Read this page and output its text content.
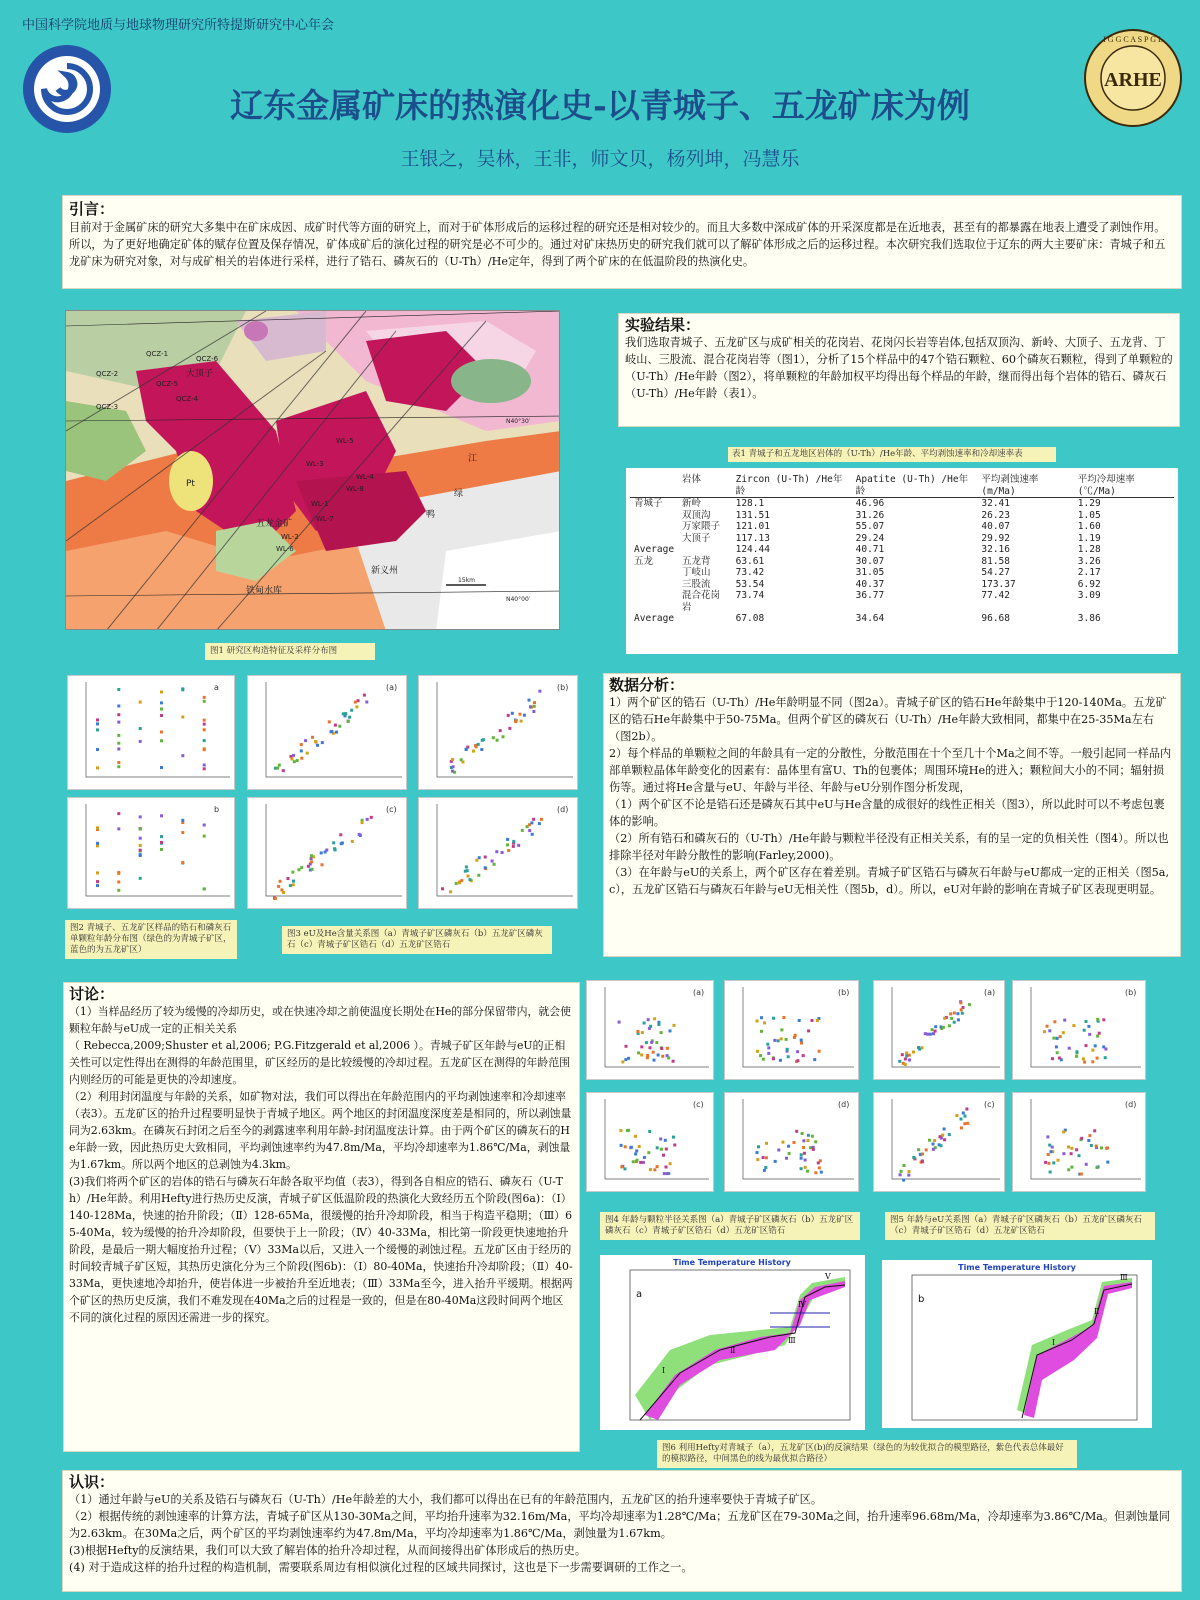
中国科学院地质与地球物理研究所特提斯研究中心年会
ARHE
I G G C A S P G L
辽东金属矿床的热演化史-以青城子、五龙矿床为例
王银之，吴林，王非，师文贝，杨列坤，冯慧乐
引言：
目前对于金属矿床的研究大多集中在矿床成因、成矿时代等方面的研究上，而对于矿体形成后的运移过程的研究还是相对较少的。而且大多数中深成矿体的开采深度都是在近地表，甚至有的都暴露在地表上遭受了剥蚀作用。所以，为了更好地确定矿体的赋存位置及保存情况，矿体成矿后的演化过程的研究是必不可少的。通过对矿床热历史的研究我们就可以了解矿体形成之后的运移过程。本次研究我们选取位于辽东的两大主要矿床：青城子和五龙矿床为研究对象，对与成矿相关的岩体进行采样，进行了锆石、磷灰石的（U-Th）/He定年，得到了两个矿床的在低温阶段的热演化史。
QCZ-1
QCZ-6
QCZ-2
QCZ-5
QCZ-4
QCZ-3
WL-5
WL-3
WL-4
WL-8
WL-1
WL-7
WL-2
WL-6
大顶子
五龙金矿
新义州
铁甸水库
江
绿
鸭
Pt
N40°30′
N40°00′
15km
图1 研究区构造特征及采样分布图
实验结果：
我们选取青城子、五龙矿区与成矿相关的花岗岩、花岗闪长岩等岩体,包括双顶沟、新岭、大顶子、五龙背、丁岐山、三股流、混合花岗岩等（图1），分析了15个样品中的47个锆石颗粒、60个磷灰石颗粒，得到了单颗粒的（U-Th）/He年龄（图2），将单颗粒的年龄加权平均得出每个样品的年龄，继而得出每个岩体的锆石、磷灰石（U-Th）/He年龄（表1）。
表1 青城子和五龙地区岩体的（U-Th）/He年龄、平均剥蚀速率和冷却速率表
	岩体	Zircon (U-Th) /He年龄	Apatite (U-Th) /He年龄	平均剥蚀速率(m/Ma)	平均冷却速率(℃/Ma)
青城子	新岭	128.1	46.96	32.41	1.29
	双顶沟	131.51	31.26	26.23	1.05
	万家隈子	121.01	55.07	40.07	1.60
	大顶子	117.13	29.24	29.92	1.19
Average		124.44	40.71	32.16	1.28
五龙	五龙背	63.61	30.07	81.58	3.26
	丁岐山	73.42	31.05	54.27	2.17
	三股流	53.54	40.37	173.37	6.92
	混合花岗岩	73.74	36.77	77.42	3.09
Average		67.08	34.64	96.68	3.86
a	(a)	(b)
b	(c)	(d)
图2 青城子、五龙矿区样品的锆石和磷灰石单颗粒年龄分布图（绿色的为青城子矿区，蓝色的为五龙矿区）
图3 eU及He含量关系图（a）青城子矿区磷灰石（b）五龙矿区磷灰石（c）青城子矿区锆石（d）五龙矿区锆石
数据分析：
1）两个矿区的锆石（U-Th）/He年龄明显不同（图2a）。青城子矿区的锆石He年龄集中于120-140Ma。五龙矿区的锆石He年龄集中于50-75Ma。但两个矿区的磷灰石（U-Th）/He年龄大致相同，都集中在25-35Ma左右（图2b）。
2）每个样品的单颗粒之间的年龄具有一定的分散性，分散范围在十个至几十个Ma之间不等。一般引起同一样品内部单颗粒晶体年龄变化的因素有：晶体里有富U、Th的包裹体；周围环境He的进入；颗粒间大小的不同；辐射损伤等。通过将He含量与eU、年龄与半径、年龄与eU分别作图分析发现，
（1）两个矿区不论是锆石还是磷灰石其中eU与He含量的成很好的线性正相关（图3），所以此时可以不考虑包裹体的影响。
（2）所有锆石和磷灰石的（U-Th）/He年龄与颗粒半径没有正相关关系，有的呈一定的负相关性（图4）。所以也排除半径对年龄分散性的影响(Farley,2000)。
（3）在年龄与eU的关系上，两个矿区存在着差别。青城子矿区锆石与磷灰石年龄与eU都成一定的正相关（图5a,c），五龙矿区锆石与磷灰石年龄与eU无相关性（图5b，d）。所以，eU对年龄的影响在青城子矿区表现更明显。
讨论：
（1）当样品经历了较为缓慢的冷却历史，或在快速冷却之前使温度长期处在He的部分保留带内，就会使颗粒年龄与eU成一定的正相关关系
（ Rebecca,2009;Shuster et al,2006; P.G.Fitzgerald et al,2006 ）。青城子矿区年龄与eU的正相关性可以定性得出在测得的年龄范围里，矿区经历的是比较缓慢的冷却过程。五龙矿区在测得的年龄范围内则经历的可能是更快的冷却速度。
（2）利用封闭温度与年龄的关系，如矿物对法，我们可以得出在年龄范围内的平均剥蚀速率和冷却速率（表3）。五龙矿区的抬升过程要明显快于青城子地区。两个地区的封闭温度深度差是相同的，所以剥蚀量同为2.63km。在磷灰石封闭之后至今的剥露速率利用年龄-封闭温度法计算。由于两个矿区的磷灰石的He年龄一致，因此热历史大致相同，平均剥蚀速率约为47.8m/Ma，平均冷却速率为1.86℃/Ma，剥蚀量为1.67km。所以两个地区的总剥蚀为4.3km。
(3)我们将两个矿区的岩体的锆石与磷灰石年龄各取平均值（表3），得到各自相应的锆石、磷灰石（U-Th）/He年龄。利用Hefty进行热历史反演，青城子矿区低温阶段的热演化大致经历五个阶段(图6a)：（Ⅰ）140-128Ma，快速的抬升阶段；（Ⅱ）128-65Ma，很缓慢的抬升冷却阶段，相当于构造平稳期；（Ⅲ）65-40Ma，较为缓慢的抬升冷却阶段，但要快于上一阶段；（Ⅳ）40-33Ma，相比第一阶段更快速地抬升阶段，是最后一期大幅度抬升过程；（Ⅴ）33Ma以后，又进入一个缓慢的剥蚀过程。五龙矿区由于经历的时间较青城子矿区短，其热历史演化分为三个阶段(图6b)：（Ⅰ）80-40Ma，快速抬升冷却阶段；（Ⅱ）40-33Ma，更快速地冷却抬升，使岩体进一步被抬升至近地表；（Ⅲ）33Ma至今，进入抬升平缓期。根据两个矿区的热历史反演，我们不难发现在40Ma之后的过程是一致的，但是在80-40Ma这段时间两个地区不同的演化过程的原因还需进一步的探究。
(a)	(b)
(c)	(d)
(a)	(b)
(c)	(d)
图4 年龄与颗粒半径关系图（a）青城子矿区磷灰石（b）五龙矿区磷灰石（c）青城子矿区锆石（d）五龙矿区锆石
图5 年龄与eU关系图（a）青城子矿区磷灰石（b）五龙矿区磷灰石（c）青城子矿区锆石（d）五龙矿区锆石
Time Temperature History
a
Ⅰ
Ⅱ
Ⅲ
Ⅳ
Ⅴ
Time Temperature History
b
Ⅰ
Ⅱ
Ⅲ
图6 利用Hefty对青城子（a），五龙矿区(b)的反演结果（绿色的为较优拟合的模型路径，紫色代表总体最好的模拟路径，中间黑色的线为最优拟合路径）
认识：
（1）通过年龄与eU的关系及锆石与磷灰石（U-Th）/He年龄差的大小，我们都可以得出在已有的年龄范围内，五龙矿区的抬升速率要快于青城子矿区。
（2）根据传统的剥蚀速率的计算方法，青城子矿区从130-30Ma之间，平均抬升速率为32.16m/Ma，平均冷却速率为1.28℃/Ma；五龙矿区在79-30Ma之间，抬升速率96.68m/Ma，冷却速率为3.86℃/Ma。但剥蚀量同为2.63km。在30Ma之后，两个矿区的平均剥蚀速率约为47.8m/Ma，平均冷却速率为1.86℃/Ma，剥蚀量为1.67km。
(3)根据Hefty的反演结果，我们可以大致了解岩体的抬升冷却过程，从而间接得出矿体形成后的热历史。
(4) 对于造成这样的抬升过程的构造机制，需要联系周边有相似演化过程的区域共同探讨，这也是下一步需要调研的工作之一。
